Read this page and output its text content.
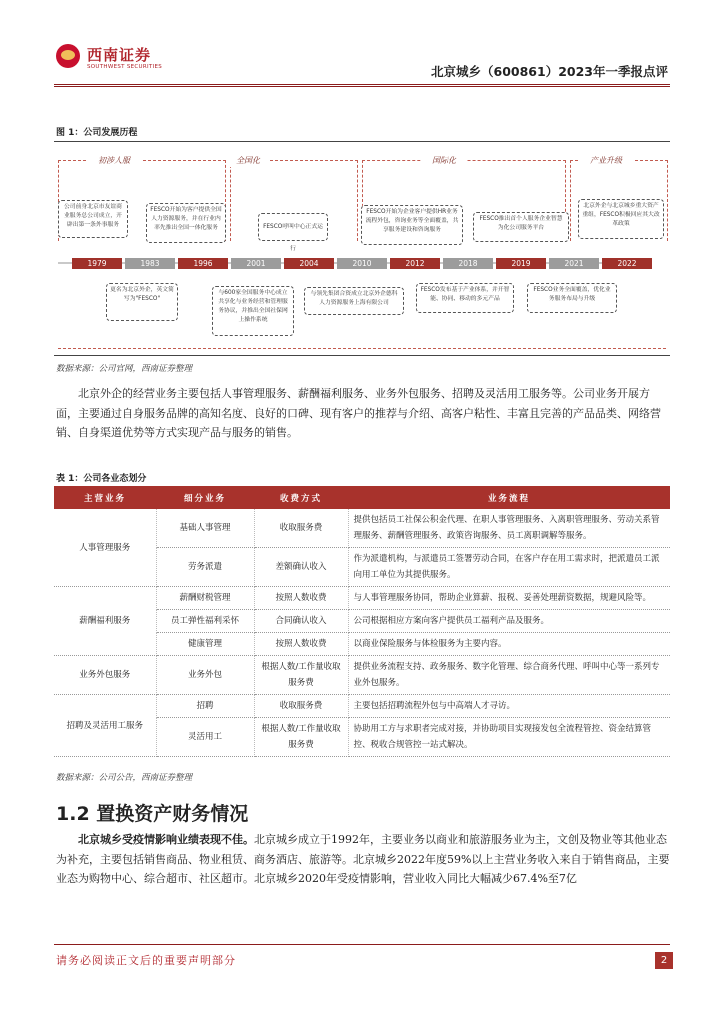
西南证券
SOUTHWEST SECURITIES	北京城乡（600861）2023年一季报点评
图 1：公司发展历程
初涉人服	全国化	国际化	产业升级
公司前身北京市友谊商业服务总公司成立，开辟出第一条外事服务
FESCO开始为客户提供全国人力资源服务，并在行业内率先推出全国一体化服务	FESCO呼叫中心正式运行
FESCO开始为企业客户提供HR业务流程外包，咨询业务等全面覆盖，共享服务建设和咨询服务
FESCO推出首个人服务企业智慧为化公司服务平台
北京外企与北京城乡重大资产重组，FESCO积极回应其大改革政策
1979	1983	1996	2001	2004	2010	2012	2018	2019	2021	2022
更名为北京外企，英文简写为"FESCO"
与600家全国服务中心成立共享化与业务经营和管理服务协议，并推出全国社保网上操作系统
与领先集团合资成立北京外企德科人力资源服务上海有限公司
FESCO发布基于产业体系，并开智能、协同、移动的多元产品
FESCO业务全面覆盖，优化业务服务布局与升级
数据来源：公司官网，西南证券整理
北京外企的经营业务主要包括人事管理服务、薪酬福利服务、业务外包服务、招聘及灵活用工服务等。公司业务开展方面，主要通过自身服务品牌的高知名度、良好的口碑、现有客户的推荐与介绍、高客户粘性、丰富且完善的产品品类、网络营销、自身渠道优势等方式实现产品与服务的销售。
表 1：公司各业态划分
主营业务	细分业务	收费方式	业务流程
人事管理服务	基础人事管理	收取服务费	提供包括员工社保公积金代理、在职人事管理服务、入离职管理服务、劳动关系管理服务、薪酬管理服务、政策咨询服务、员工离职调解等服务。
	劳务派遣	差额确认收入	作为派遣机构，与派遣员工签署劳动合同，在客户存在用工需求时，把派遣员工派向用工单位为其提供服务。
薪酬福利服务	薪酬财税管理	按照人数收费	与人事管理服务协同，帮助企业算薪、报税、妥善处理薪资数据，规避风险等。
	员工弹性福利采怀	合同确认收入	公司根据相应方案向客户提供员工福利产品及服务。
	健康管理	按照人数收费	以商业保险服务与体检服务为主要内容。
业务外包服务	业务外包	根据人数/工作量收取服务费	提供业务流程支持、政务服务、数字化管理、综合商务代理、呼叫中心等一系列专业外包服务。
招聘及灵活用工服务	招聘	收取服务费	主要包括招聘流程外包与中高端人才寻访。
	灵活用工	根据人数/工作量收取服务费	协助用工方与求职者完成对接，并协助项目实现接发包全流程管控、资金结算管控、税收合规管控一站式解决。
数据来源：公司公告，西南证券整理
1.2 置换资产财务情况
北京城乡受疫情影响业绩表现不佳。北京城乡成立于1992年，主要业务以商业和旅游服务业为主，文创及物业等其他业态为补充，主要包括销售商品、物业租赁、商务酒店、旅游等。北京城乡2022年度59%以上主营业务收入来自于销售商品，主要业态为购物中心、综合超市、社区超市。北京城乡2020年受疫情影响，营业收入同比大幅减少67.4%至7亿
请务必阅读正文后的重要声明部分	2
